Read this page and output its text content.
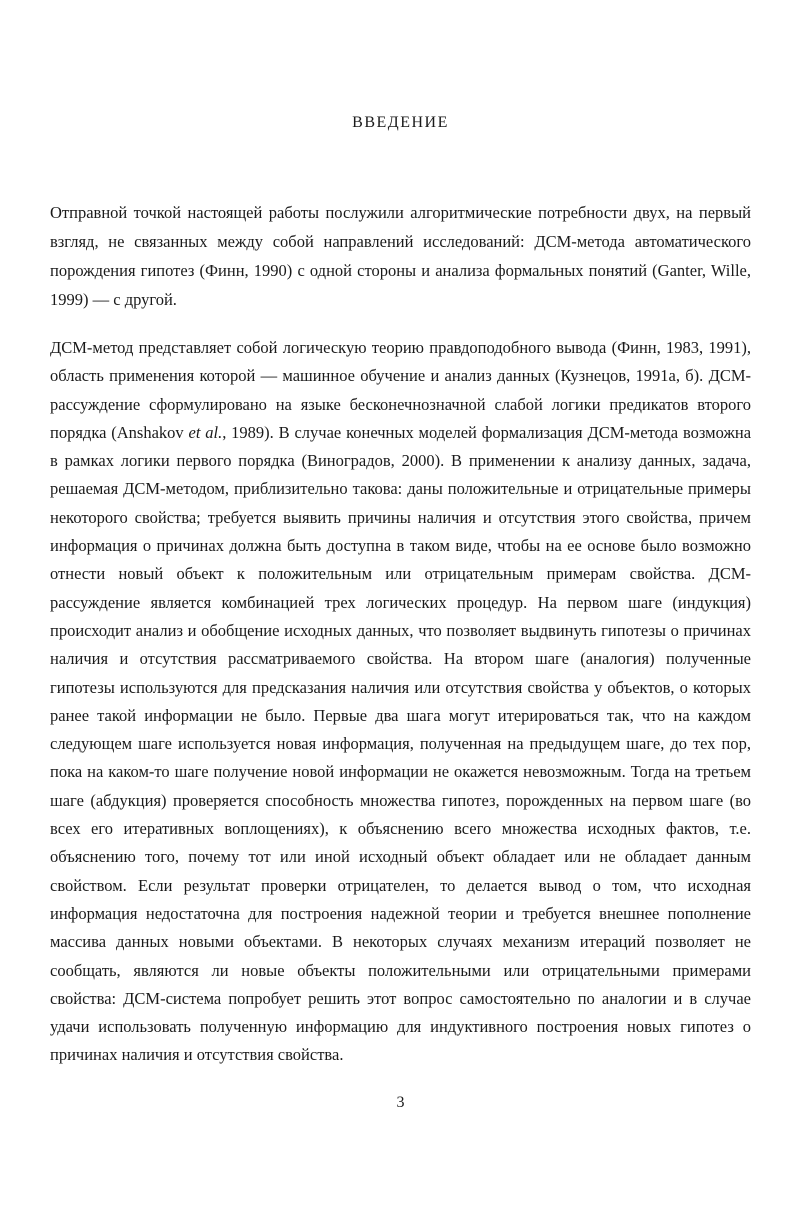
ВВЕДЕНИЕ

Отправной точкой настоящей работы послужили алгоритмические потребности двух, на первый взгляд, не связанных между собой направлений исследований: ДСМ-метода автоматического порождения гипотез (Финн, 1990) с одной стороны и анализа формальных понятий (Ganter, Wille, 1999) — с другой.

ДСМ-метод представляет собой логическую теорию правдоподобного вывода (Финн, 1983, 1991), область применения которой — машинное обучение и анализ данных (Кузнецов, 1991а, б). ДСМ-рассуждение сформулировано на языке бесконечнозначной слабой логики предикатов второго порядка (Anshakov et al., 1989). В случае конечных моделей формализация ДСМ-метода возможна в рамках логики первого порядка (Виноградов, 2000). В применении к анализу данных, задача, решаемая ДСМ-методом, приблизительно такова: даны положительные и отрицательные примеры некоторого свойства; требуется выявить причины наличия и отсутствия этого свойства, причем информация о причинах должна быть доступна в таком виде, чтобы на ее основе было возможно отнести новый объект к положительным или отрицательным примерам свойства. ДСМ-рассуждение является комбинацией трех логических процедур. На первом шаге (индукция) происходит анализ и обобщение исходных данных, что позволяет выдвинуть гипотезы о причинах наличия и отсутствия рассматриваемого свойства. На втором шаге (аналогия) полученные гипотезы используются для предсказания наличия или отсутствия свойства у объектов, о которых ранее такой информации не было. Первые два шага могут итерироваться так, что на каждом следующем шаге используется новая информация, полученная на предыдущем шаге, до тех пор, пока на каком-то шаге получение новой информации не окажется невозможным. Тогда на третьем шаге (абдукция) проверяется способность множества гипотез, порожденных на первом шаге (во всех его итеративных воплощениях), к объяснению всего множества исходных фактов, т.е. объяснению того, почему тот или иной исходный объект обладает или не обладает данным свойством. Если результат проверки отрицателен, то делается вывод о том, что исходная информация недостаточна для построения надежной теории и требуется внешнее пополнение массива данных новыми объектами. В некоторых случаях механизм итераций позволяет не сообщать, являются ли новые объекты положительными или отрицательными примерами свойства: ДСМ-система попробует решить этот вопрос самостоятельно по аналогии и в случае удачи использовать полученную информацию для индуктивного построения новых гипотез о причинах наличия и отсутствия свойства.

3
